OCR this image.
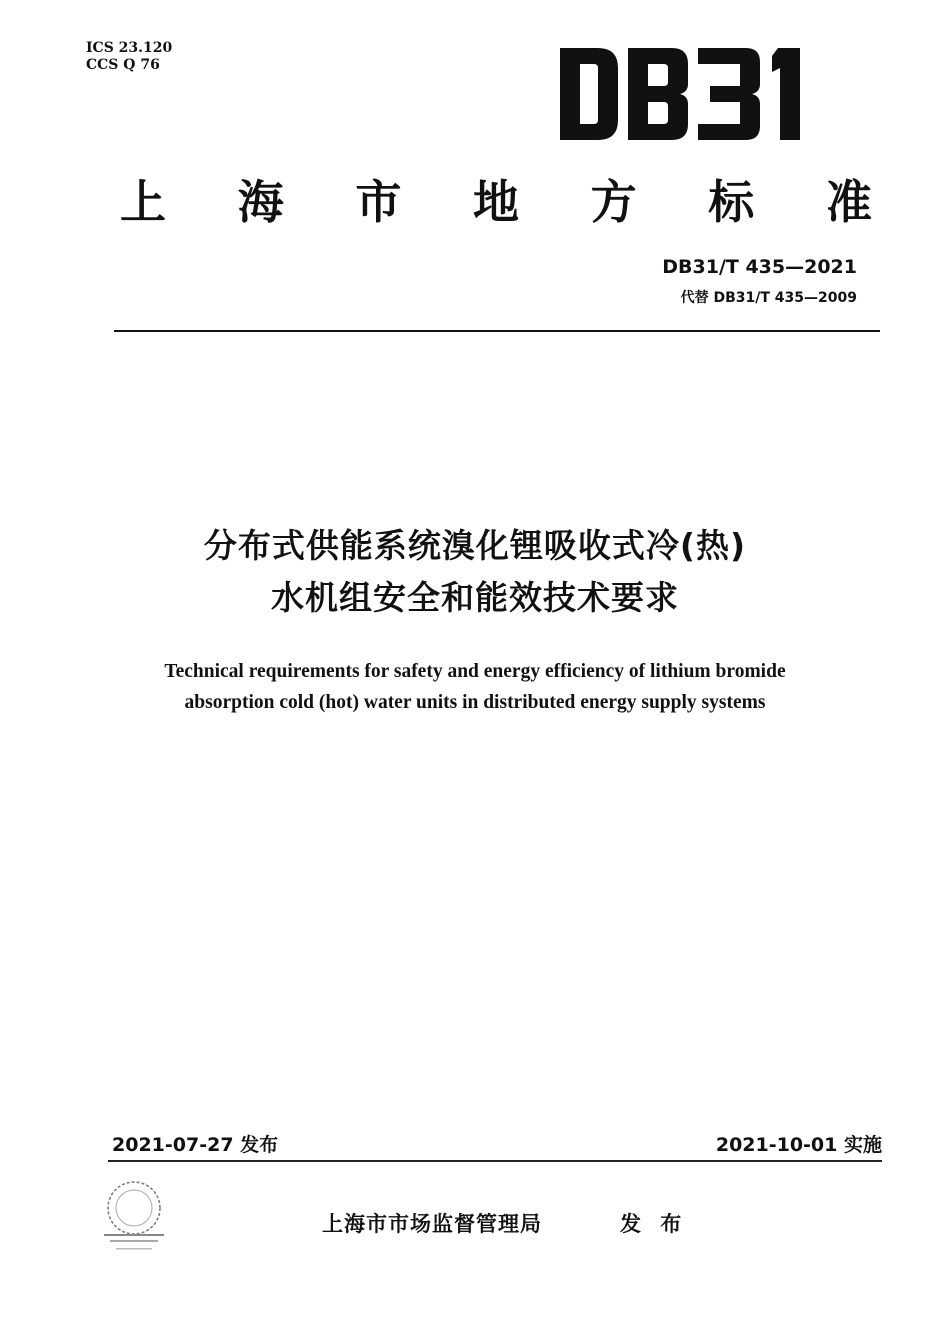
ICS 23.120
CCS Q 76
上 海 市 地 方 标 准
DB31/T 435—2021
代替 DB31/T 435—2009
分布式供能系统溴化锂吸收式冷(热)
水机组安全和能效技术要求
Technical requirements for safety and energy efficiency of lithium bromide
absorption cold (hot) water units in distributed energy supply systems
2021-07-27 发布	2021-10-01 实施
上海市市场监督管理局	发 布
